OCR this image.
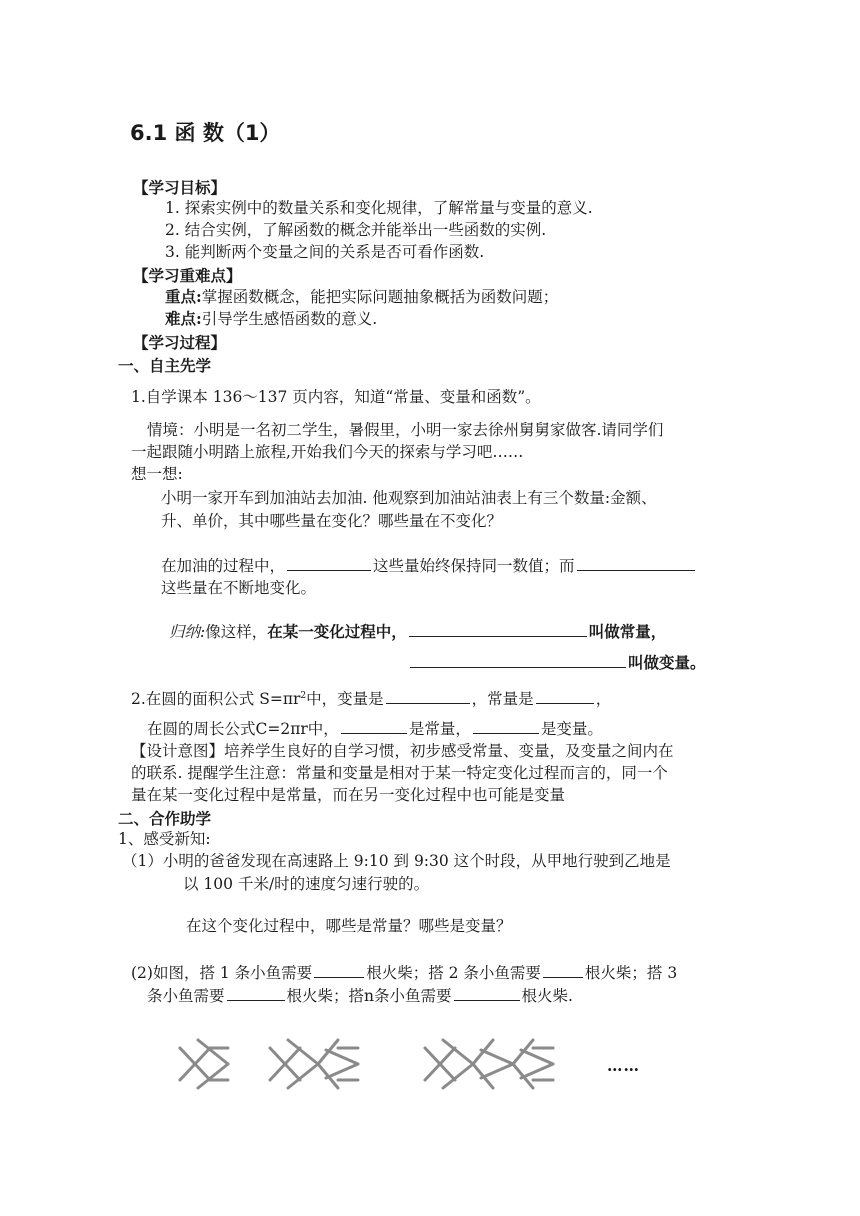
6.1 函 数（1）
【学习目标】
1. 探索实例中的数量关系和变化规律，了解常量与变量的意义.
2. 结合实例，了解函数的概念并能举出一些函数的实例.
3. 能判断两个变量之间的关系是否可看作函数.
【学习重难点】
重点:掌握函数概念，能把实际问题抽象概括为函数问题；
难点:引导学生感悟函数的意义.
【学习过程】
一、自主先学
1.自学课本 136～137 页内容，知道“常量、变量和函数”。
情境：小明是一名初二学生，暑假里，小明一家去徐州舅舅家做客.请同学们
一起跟随小明踏上旅程,开始我们今天的探索与学习吧……
想一想:
小明一家开车到加油站去加油. 他观察到加油站油表上有三个数量:金额、
升、单价，其中哪些量在变化？哪些量在不变化？
在加油的过程中，	这些量始终保持同一数值；而
这些量在不断地变化。
归纳:像这样，在某一变化过程中，	叫做常量，
叫做变量。
2.在圆的面积公式 $S=\pi r^2$中，变量是	，常量是	，
在圆的周长公式C=2πr中，	是常量，	是变量。
【设计意图】培养学生良好的自学习惯，初步感受常量、变量，及变量之间内在
的联系. 提醒学生注意：常量和变量是相对于某一特定变化过程而言的，同一个
量在某一变化过程中是常量，而在另一变化过程中也可能是变量
二、合作助学
1、感受新知:
（1）小明的爸爸发现在高速路上 9:10 到 9:30 这个时段，从甲地行驶到乙地是
以 100 千米/时的速度匀速行驶的。
在这个变化过程中，哪些是常量？哪些是变量？
(2)如图，搭 1 条小鱼需要	根火柴；搭 2 条小鱼需要	根火柴；搭 3
条小鱼需要	根火柴；搭n条小鱼需要	根火柴.
……
